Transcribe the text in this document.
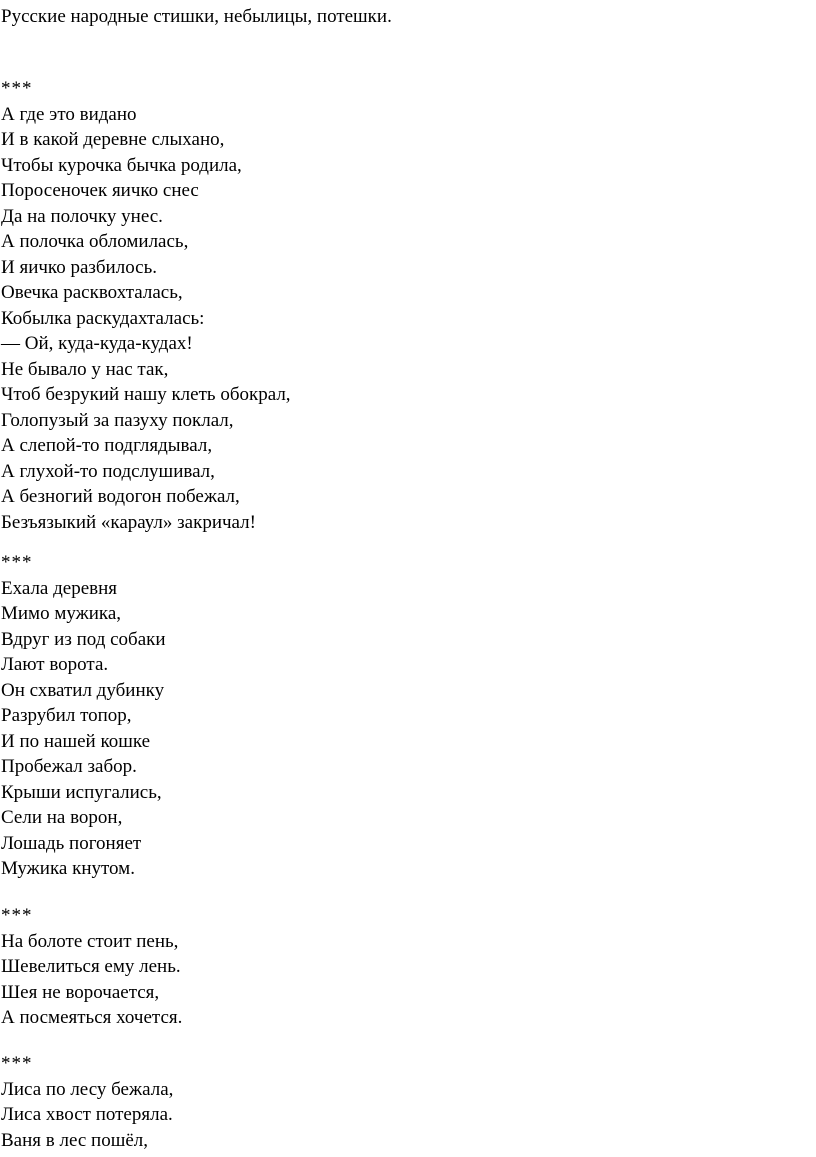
Русские народные стишки, небылицы, потешки.
***
А где это видано
И в какой деревне слыхано,
Чтобы курочка бычка родила,
Поросеночек яичко снес
Да на полочку унес.
А полочка обломилась,
И яичко разбилось.
Овечка расквохталась,
Кобылка раскудахталась:
— Ой, куда-куда-кудах!
Не бывало у нас так,
Чтоб безрукий нашу клеть обокрал,
Голопузый за пазуху поклал,
А слепой-то подглядывал,
А глухой-то подслушивал,
А безногий водогон побежал,
Безъязыкий «караул» закричал!
***
Ехала деревня
Мимо мужика,
Вдруг из под собаки
Лают ворота.
Он схватил дубинку
Разрубил топор,
И по нашей кошке
Пробежал забор.
Крыши испугались,
Сели на ворон,
Лошадь погоняет
Мужика кнутом.
***
На болоте стоит пень,
Шевелиться ему лень.
Шея не ворочается,
А посмеяться хочется.
***
Лиса по лесу бежала,
Лиса хвост потеряла.
Ваня в лес пошёл,
